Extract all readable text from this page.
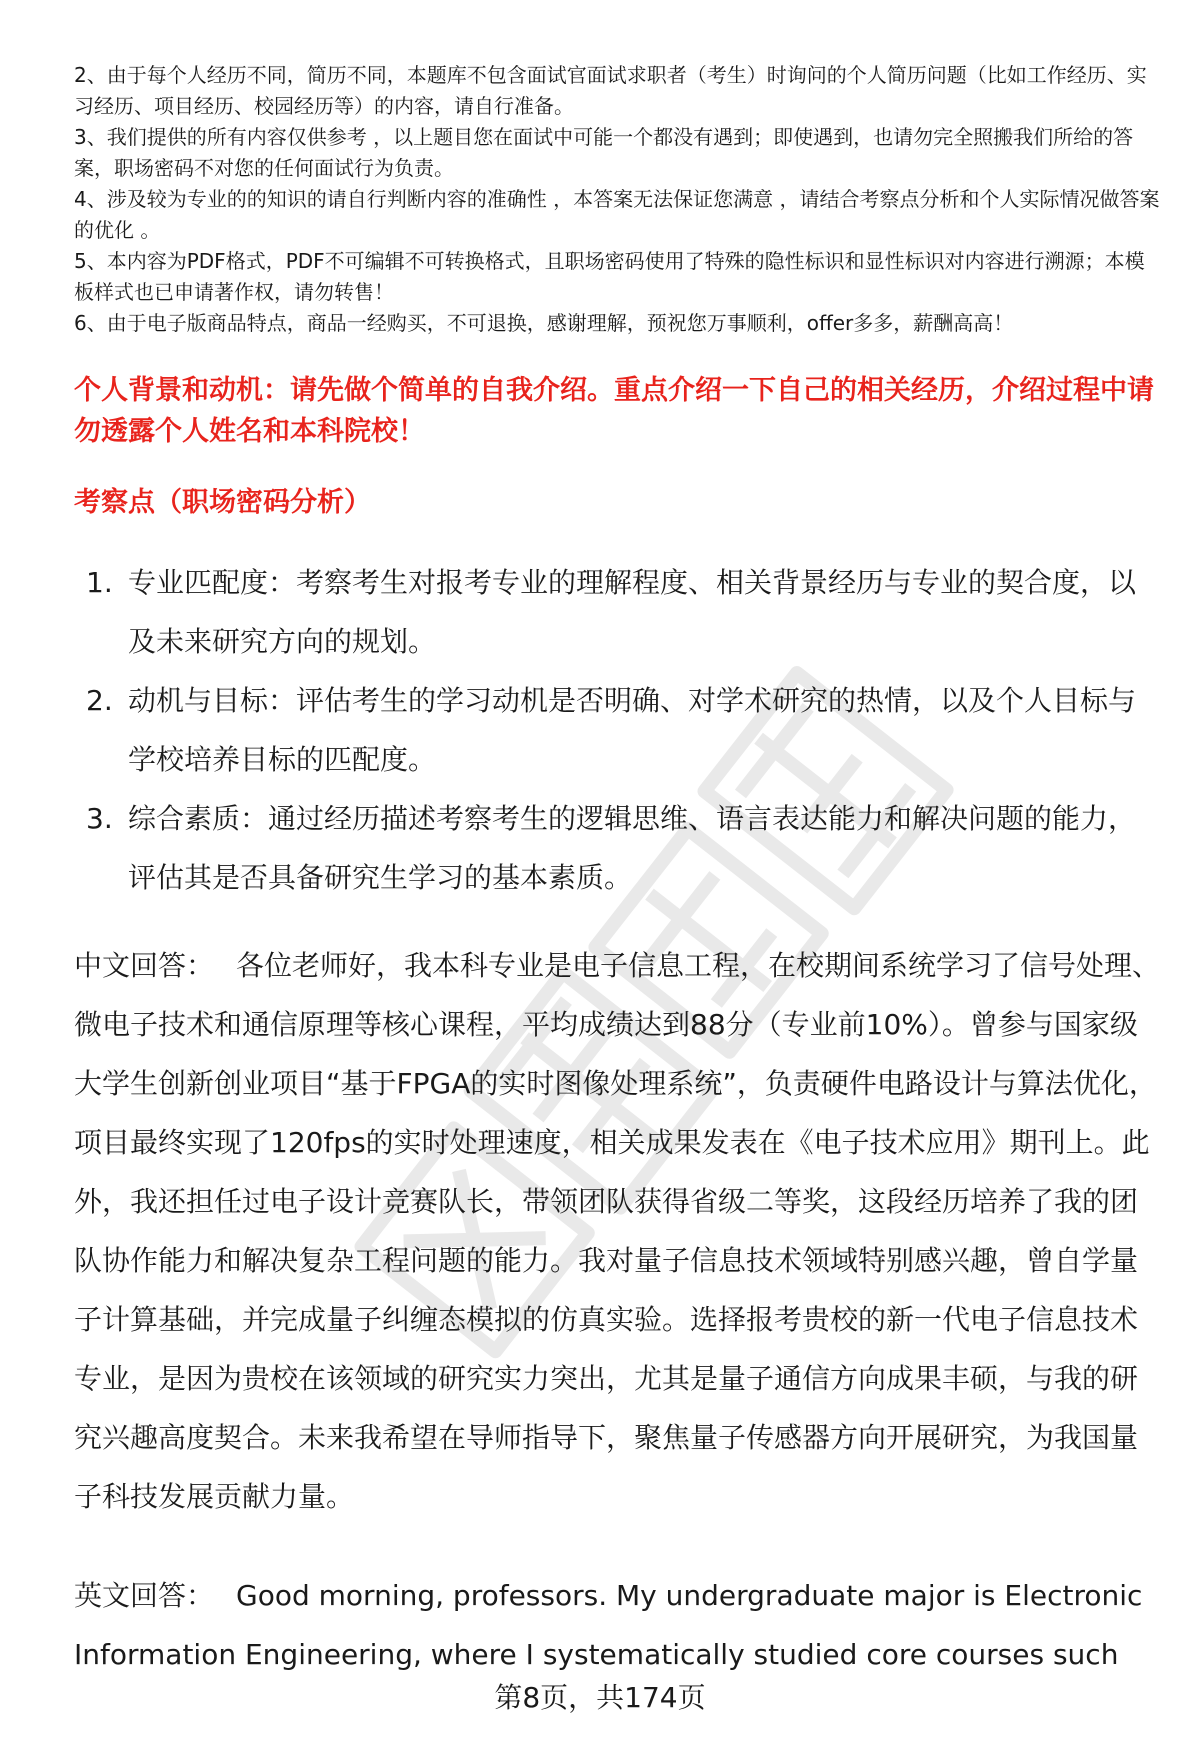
2、由于每个人经历不同，简历不同，本题库不包含面试官面试求职者（考生）时询问的个人简历问题（比如工作经历、实习经历、项目经历、校园经历等）的内容，请自行准备。

3、我们提供的所有内容仅供参考 ，以上题目您在面试中可能一个都没有遇到；即使遇到，也请勿完全照搬我们所给的答案，职场密码不对您的任何面试行为负责。

4、涉及较为专业的的知识的请自行判断内容的准确性 ，本答案无法保证您满意 ，请结合考察点分析和个人实际情况做答案的优化 。

5、本内容为PDF格式，PDF不可编辑不可转换格式，且职场密码使用了特殊的隐性标识和显性标识对内容进行溯源；本模板样式也已申请著作权，请勿转售！

6、由于电子版商品特点，商品一经购买，不可退换，感谢理解，预祝您万事顺利，offer多多，薪酬高高！

个人背景和动机：请先做个简单的自我介绍。重点介绍一下自己的相关经历，介绍过程中请勿透露个人姓名和本科院校！
考察点（职场密码分析）
1. 专业匹配度：考察考生对报考专业的理解程度、相关背景经历与专业的契合度，以及未来研究方向的规划。
2. 动机与目标：评估考生的学习动机是否明确、对学术研究的热情，以及个人目标与学校培养目标的匹配度。
3. 综合素质：通过经历描述考察考生的逻辑思维、语言表达能力和解决问题的能力，评估其是否具备研究生学习的基本素质。

中文回答： 各位老师好，我本科专业是电子信息工程，在校期间系统学习了信号处理、微电子技术和通信原理等核心课程，平均成绩达到88分（专业前10%）。曾参与国家级大学生创新创业项目“基于FPGA的实时图像处理系统”，负责硬件电路设计与算法优化，项目最终实现了120fps的实时处理速度，相关成果发表在《电子技术应用》期刊上。此外，我还担任过电子设计竞赛队长，带领团队获得省级二等奖，这段经历培养了我的团队协作能力和解决复杂工程问题的能力。我对量子信息技术领域特别感兴趣，曾自学量子计算基础，并完成量子纠缠态模拟的仿真实验。选择报考贵校的新一代电子信息技术专业，是因为贵校在该领域的研究实力突出，尤其是量子通信方向成果丰硕，与我的研究兴趣高度契合。未来我希望在导师指导下，聚焦量子传感器方向开展研究，为我国量子科技发展贡献力量。

英文回答： Good morning, professors. My undergraduate major is Electronic Information Engineering, where I systematically studied core courses such

第8页，共174页
